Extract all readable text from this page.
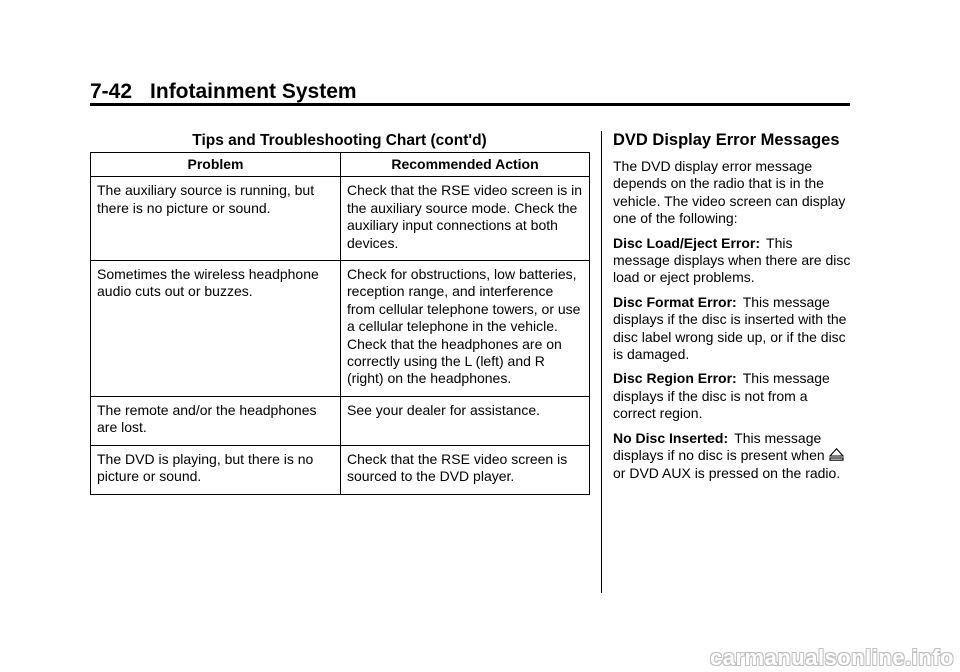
7-42 Infotainment System
Tips and Troubleshooting Chart (cont'd)
Problem	Recommended Action
The auxiliary source is running, but there is no picture or sound.	Check that the RSE video screen is in the auxiliary source mode. Check the auxiliary input connections at both devices.
Sometimes the wireless headphone audio cuts out or buzzes.	Check for obstructions, low batteries, reception range, and interference from cellular telephone towers, or use a cellular telephone in the vehicle. Check that the headphones are on correctly using the L (left) and R (right) on the headphones.
The remote and/or the headphones are lost.	See your dealer for assistance.
The DVD is playing, but there is no picture or sound.	Check that the RSE video screen is sourced to the DVD player.
DVD Display Error Messages

The DVD display error message depends on the radio that is in the vehicle. The video screen can display one of the following:

Disc Load/Eject Error: This message displays when there are disc load or eject problems.

Disc Format Error: This message displays if the disc is inserted with the disc label wrong side up, or if the disc is damaged.

Disc Region Error: This message displays if the disc is not from a correct region.

No Disc Inserted: This message displays if no disc is present when  or DVD AUX is pressed on the radio.

carmanualsonline.info
